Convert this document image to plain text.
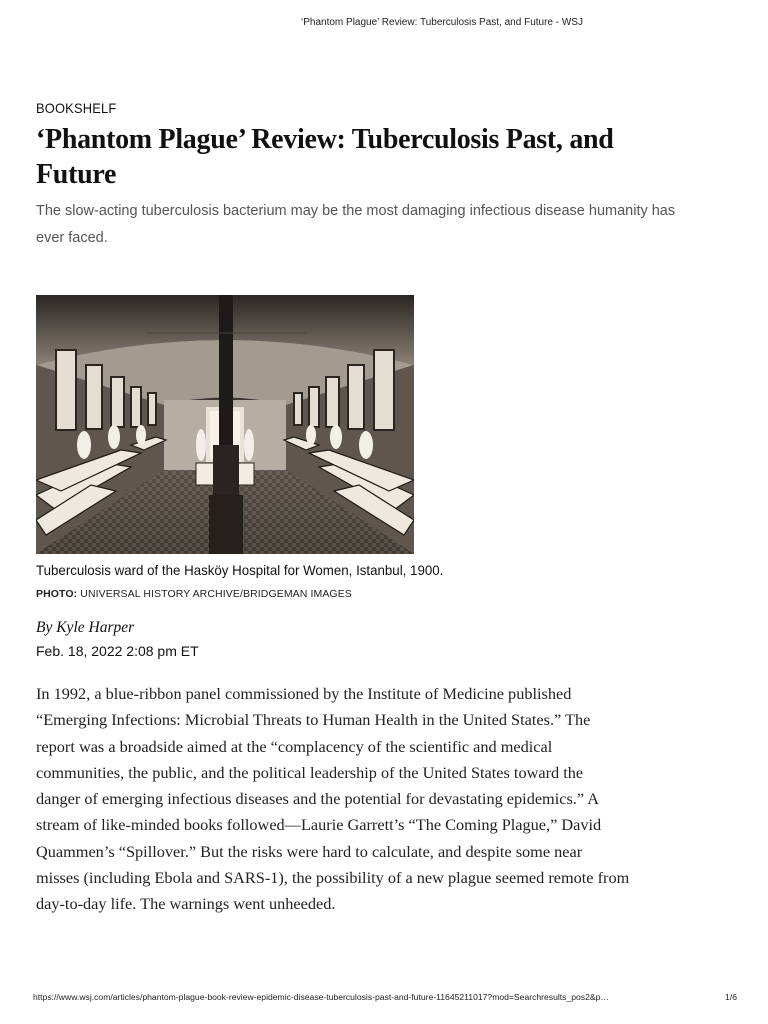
‘Phantom Plague’ Review: Tuberculosis Past, and Future - WSJ
BOOKSHELF
‘Phantom Plague’ Review: Tuberculosis Past, and
Future

The slow-acting tuberculosis bacterium may be the most damaging infectious disease humanity has
ever faced.

Tuberculosis ward of the Hasköy Hospital for Women, Istanbul, 1900.
PHOTO: UNIVERSAL HISTORY ARCHIVE/BRIDGEMAN IMAGES
By Kyle Harper
Feb. 18, 2022 2:08 pm ET
In 1992, a blue-ribbon panel commissioned by the Institute of Medicine published
“Emerging Infections: Microbial Threats to Human Health in the United States.” The
report was a broadside aimed at the “complacency of the scientific and medical
communities, the public, and the political leadership of the United States toward the
danger of emerging infectious diseases and the potential for devastating epidemics.” A
stream of like-minded books followed—Laurie Garrett’s “The Coming Plague,” David
Quammen’s “Spillover.” But the risks were hard to calculate, and despite some near
misses (including Ebola and SARS-1), the possibility of a new plague seemed remote from
day-to-day life. The warnings went unheeded.
https://www.wsj.com/articles/phantom-plague-book-review-epidemic-disease-tuberculosis-past-and-future-11645211017?mod=Searchresults_pos2&p…	1/6
